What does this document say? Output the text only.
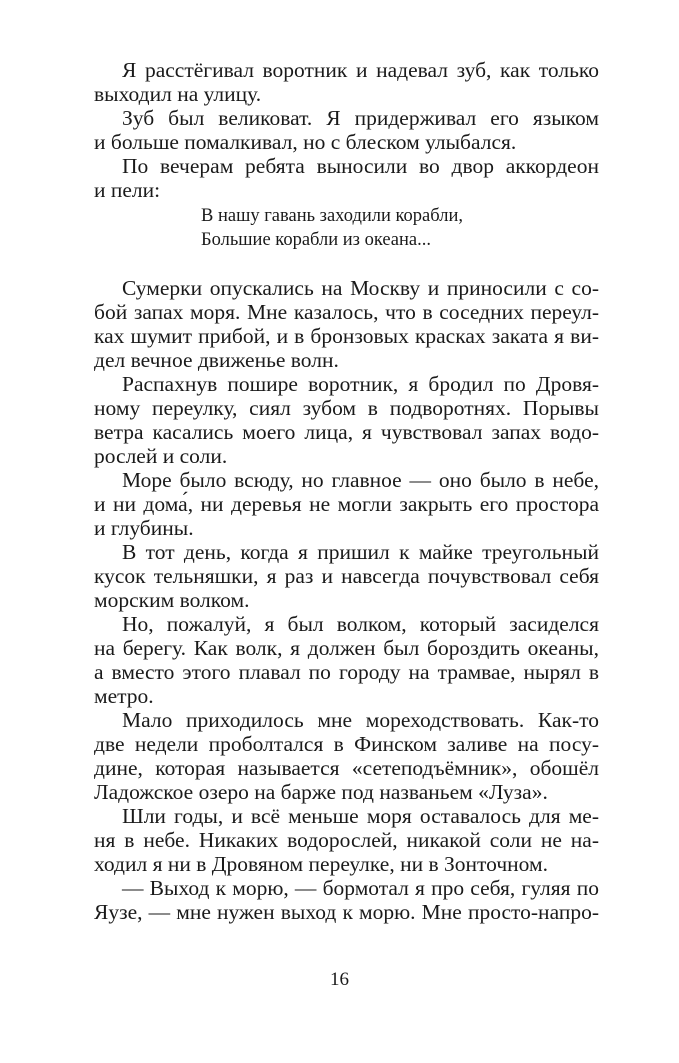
Я расстёгивал воротник и надевал зуб, как только
выходил на улицу.
Зуб был великоват. Я придерживал его языком
и больше помалкивал, но с блеском улыбался.
По вечерам ребята выносили во двор аккордеон
и пели:
В нашу гавань заходили корабли,
Большие корабли из океана...
Сумерки опускались на Москву и приносили с со-
бой запах моря. Мне казалось, что в соседних переул-
ках шумит прибой, и в бронзовых красках заката я ви-
дел вечное движенье волн.
Распахнув пошире воротник, я бродил по Дровя-
ному переулку, сиял зубом в подворотнях. Порывы
ветра касались моего лица, я чувствовал запах водо-
рослей и соли.
Море было всюду, но главное — оно было в небе,
и ни дома́, ни деревья не могли закрыть его простора
и глубины.
В тот день, когда я пришил к майке треугольный
кусок тельняшки, я раз и навсегда почувствовал себя
морским волком.
Но, пожалуй, я был волком, который засиделся
на берегу. Как волк, я должен был бороздить океаны,
а вместо этого плавал по городу на трамвае, нырял в
метро.
Мало приходилось мне мореходствовать. Как-то
две недели проболтался в Финском заливе на посу-
дине, которая называется «сетеподъёмник», обошёл
Ладожское озеро на барже под названьем «Луза».
Шли годы, и всё меньше моря оставалось для ме-
ня в небе. Никаких водорослей, никакой соли не на-
ходил я ни в Дровяном переулке, ни в Зонточном.
— Выход к морю, — бормотал я про себя, гуляя по
Яузе, — мне нужен выход к морю. Мне просто-напро-
16
